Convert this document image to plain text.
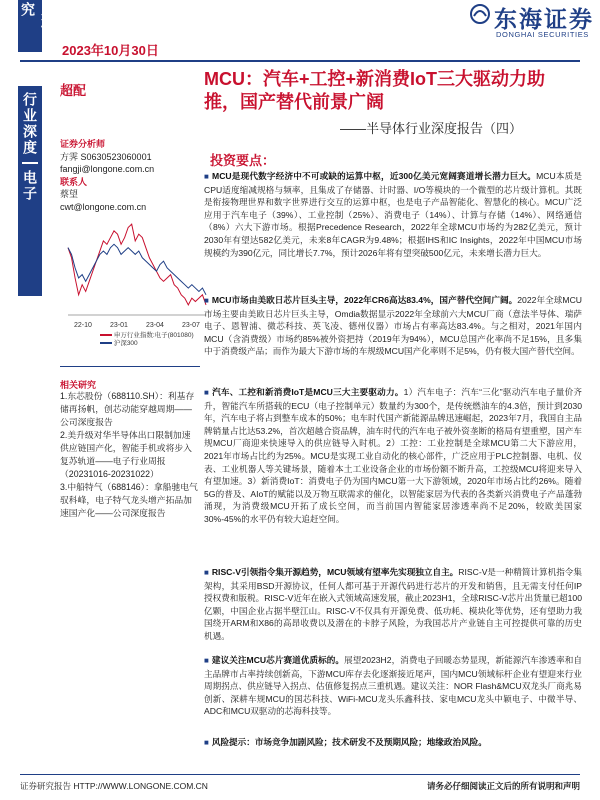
业研究
行业深度
电子
2023年10月30日
东海证券
DONGHAI SECURITIES
超配
MCU：汽车+工控+新消费IoT三大驱动力助推，国产替代前景广阔
——半导体行业深度报告（四）
证券分析师
方霁 S0630523060001
fangji@longone.com.cn
联系人
蔡望
cwt@longone.com.cn
22-10	23-01	23-04	23-07
申万行业指数:电子(801080)
沪深300
相关研究

1.东芯股份（688110.SH）：利基存储再扬帆，创芯动能穿越周期——公司深度报告

2.美升级对华半导体出口限制加速供应链国产化，智能手机或将步入复苏轨道——电子行业周报（20231016-20231022）

3.中船特气（688146）：拿船驰电气驭科峰，电子特气龙头增产拓品加速国产化——公司深度报告

投资要点：

■ MCU是现代数字经济中不可或缺的运算中枢，近300亿美元宽阔赛道增长潜力巨大。MCU本质是CPU适度缩减规格与频率，且集成了存储器、计时器、I/O等模块的一个微型的芯片级计算机。其既是衔接物理世界和数字世界进行交互的运算中枢，也是电子产品智能化、智慧化的核心。MCU广泛应用于汽车电子（39%）、工业控制（25%）、消费电子（14%）、计算与存储（14%）、网络通信（8%）六大下游市场。根据Precedence Research，2022年全球MCU市场约为282亿美元，预计2030年有望达582亿美元，未来8年CAGR为9.48%；根据IHS和IC Insights，2022年中国MCU市场规模约为390亿元，同比增长7.7%，预计2026年将有望突破500亿元，未来增长潜力巨大。

■ MCU市场由美欧日芯片巨头主导，2022年CR6高达83.4%，国产替代空间广阔。2022年全球MCU市场主要由美欧日芯片巨头主导，Omdia数据显示2022年全球前六大MCU厂商（意法半导体、瑞萨电子、恩智浦、微芯科技、英飞凌、德州仪器）市场占有率高达83.4%。与之相对，2021年国内MCU（含消费级）市场约85%被外资把持（2019年为94%），MCU总国产化率尚不足15%，且多集中于消费级产品；而作为最大下游市场的车规级MCU国产化率则不足5%，仍有极大国产替代空间。

■ 汽车、工控和新消费IoT是MCU三大主要驱动力。1）汽车电子：汽车“三化”驱动汽车电子量价齐升，智能汽车所搭载的ECU（电子控制单元）数量约为300个，是传统燃油车的4.3倍，预计到2030年，汽车电子将占到整车成本的50%；电车时代国产新能源品牌迅速崛起，2023年7月，我国自主品牌销量占比达53.2%，首次超越合资品牌，油车时代的汽车电子被外资垄断的格局有望重塑，国产车规MCU厂商迎来快速导入的供应链导入时机。2）工控：工业控制是全球MCU第二大下游应用，2021年市场占比约为25%。MCU是实现工业自动化的核心部件，广泛应用于PLC控制器、电机、仪表、工业机器人等关键场景，随着本土工业设备企业的市场份额不断升高，工控级MCU将迎来导入有望加速。3）新消费IoT：消费电子仍为国内MCU第一大下游领域，2020年市场占比约26%。随着5G的普及、AIoT的赋能以及万物互联需求的催化，以智能家居为代表的各类新兴消费电子产品蓬勃涌现，为消费级MCU开拓了成长空间，而当前国内智能家居渗透率尚不足20%，较欧美国家30%-45%的水平仍有较大追赶空间。

■ RISC-V引领指令集开源趋势，MCU领域有望率先实现独立自主。RISC-V是一种精简计算机指令集架构，其采用BSD开源协议，任何人都可基于开源代码进行芯片的开发和销售，且无需支付任何IP授权费和版税。RISC-V近年在嵌入式领域高速发展，截止2023H1，全球RISC-V芯片出货量已超100亿颗，中国企业占据半壁江山。RISC-V不仅具有开源免费、低功耗、模块化等优势，还有望助力我国绕开ARM和X86的高昂收费以及潜在的卡脖子风险，为我国芯片产业链自主可控提供可靠的历史机遇。

■ 建议关注MCU芯片赛道优质标的。展望2023H2，消费电子回暖态势显现，新能源汽车渗透率和自主品牌市占率持续创新高，下游MCU库存去化逐渐接近尾声，国内MCU领域标杆企业有望迎来行业周期拐点、供应链导入拐点、估值修复拐点三重机遇。建议关注：NOR Flash&MCU双龙头厂商兆易创新、深耕车规MCU的国芯科技、WiFi-MCU龙头乐鑫科技、家电MCU龙头中颖电子、中微半导、ADC和MCU双驱动的芯海科技等。

■ 风险提示：市场竞争加剧风险；技术研发不及预期风险；地缘政治风险。

证券研究报告 HTTP://WWW.LONGONE.COM.CN	请务必仔细阅读正文后的所有说明和声明
